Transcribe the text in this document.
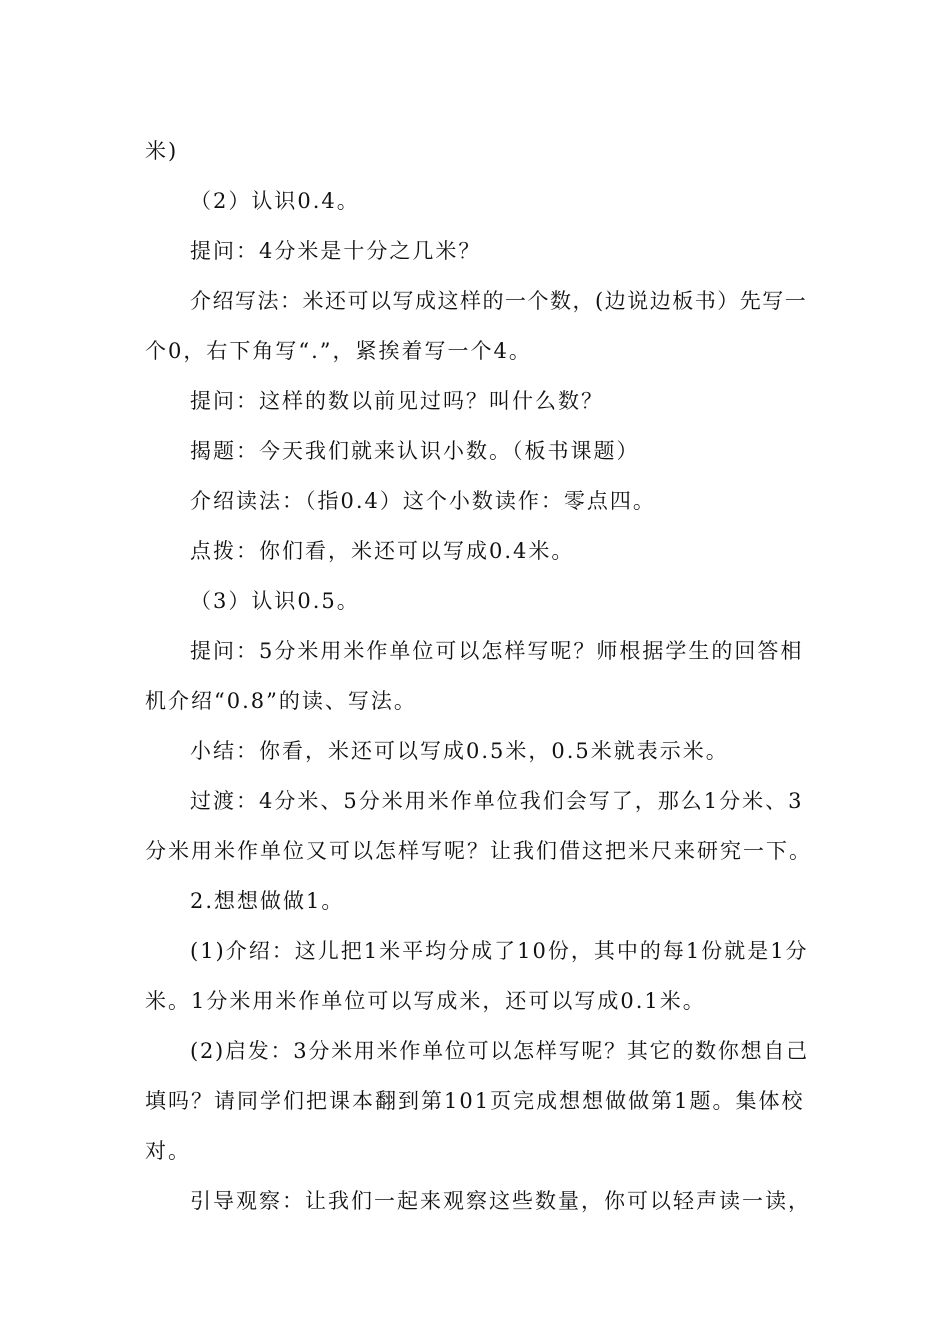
米)
（2）认识0.4。
提问：4分米是十分之几米？
介绍写法：米还可以写成这样的一个数，(边说边板书）先写一
个0，右下角写“.”，紧挨着写一个4。
提问：这样的数以前见过吗？叫什么数？
揭题：今天我们就来认识小数。（板书课题）
介绍读法：（指0.4）这个小数读作：零点四。
点拨：你们看，米还可以写成0.4米。
（3）认识0.5。
提问：5分米用米作单位可以怎样写呢？师根据学生的回答相
机介绍“0.8”的读、写法。
小结：你看，米还可以写成0.5米，0.5米就表示米。
过渡：4分米、5分米用米作单位我们会写了，那么1分米、3
分米用米作单位又可以怎样写呢？让我们借这把米尺来研究一下。
2.想想做做1。
(1)介绍：这儿把1米平均分成了10份，其中的每1份就是1分
米。1分米用米作单位可以写成米，还可以写成0.1米。
(2)启发：3分米用米作单位可以怎样写呢？其它的数你想自己
填吗？请同学们把课本翻到第101页完成想想做做第1题。集体校
对。
引导观察：让我们一起来观察这些数量，你可以轻声读一读，
